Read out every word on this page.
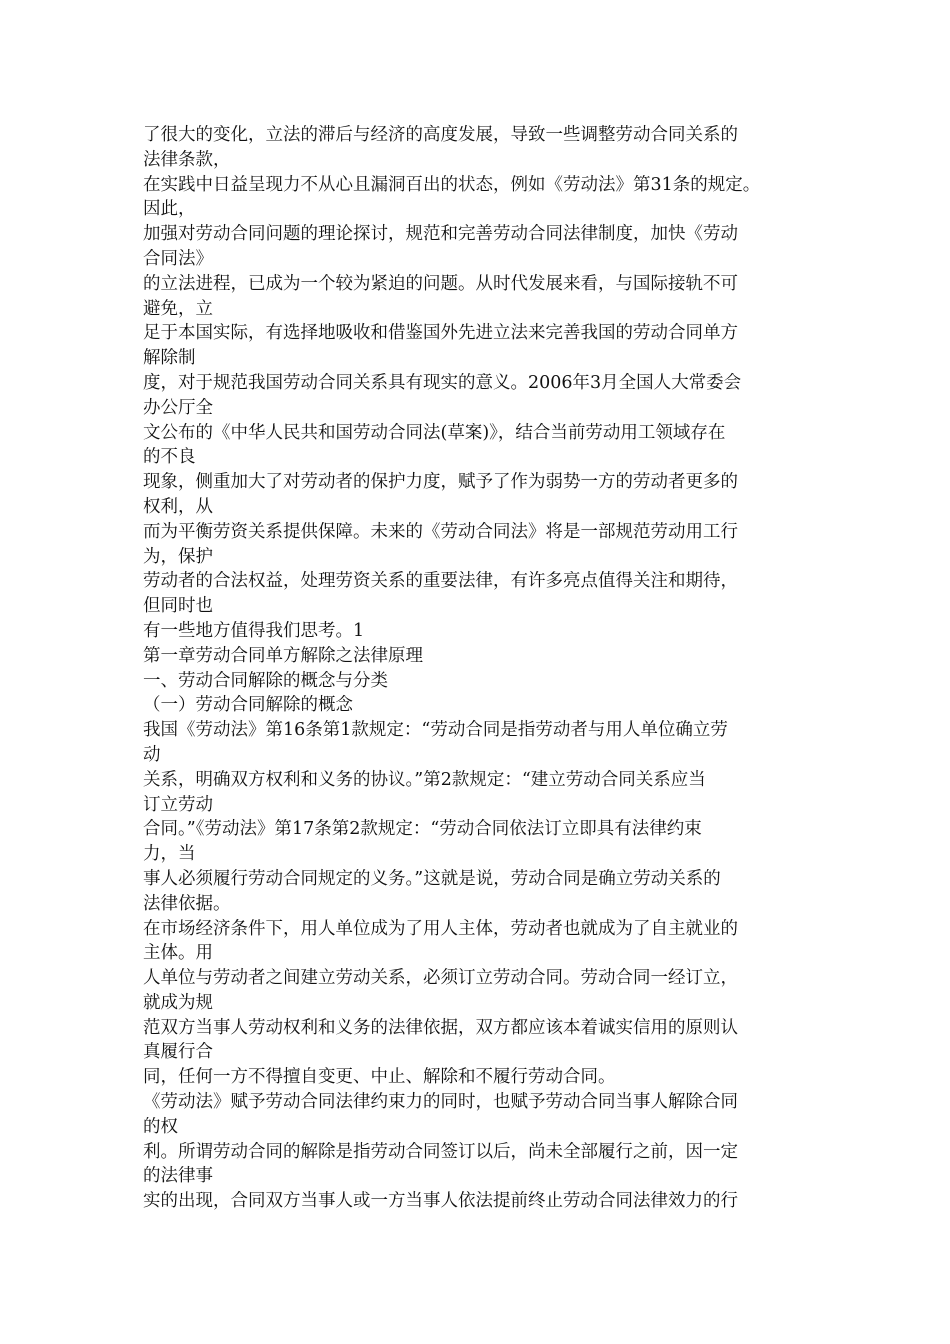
了很大的变化，立法的滞后与经济的高度发展，导致一些调整劳动合同关系的
法律条款，
在实践中日益呈现力不从心且漏洞百出的状态，例如《劳动法》第31条的规定。
因此，
加强对劳动合同问题的理论探讨，规范和完善劳动合同法律制度，加快《劳动
合同法》
的立法进程，已成为一个较为紧迫的问题。从时代发展来看，与国际接轨不可
避免，立
足于本国实际，有选择地吸收和借鉴国外先进立法来完善我国的劳动合同单方
解除制
度，对于规范我国劳动合同关系具有现实的意义。2006年3月全国人大常委会
办公厅全
文公布的《中华人民共和国劳动合同法(草案)》，结合当前劳动用工领域存在
的不良
现象，侧重加大了对劳动者的保护力度，赋予了作为弱势一方的劳动者更多的
权利，从
而为平衡劳资关系提供保障。未来的《劳动合同法》将是一部规范劳动用工行
为，保护
劳动者的合法权益，处理劳资关系的重要法律，有许多亮点值得关注和期待，
但同时也
有一些地方值得我们思考。1
第一章劳动合同单方解除之法律原理
一、劳动合同解除的概念与分类
（一）劳动合同解除的概念
我国《劳动法》第16条第1款规定：“劳动合同是指劳动者与用人单位确立劳
动
关系，明确双方权利和义务的协议。”第2款规定：“建立劳动合同关系应当
订立劳动
合同。”《劳动法》第17条第2款规定：“劳动合同依法订立即具有法律约束
力，当
事人必须履行劳动合同规定的义务。”这就是说，劳动合同是确立劳动关系的
法律依据。
在市场经济条件下，用人单位成为了用人主体，劳动者也就成为了自主就业的
主体。用
人单位与劳动者之间建立劳动关系，必须订立劳动合同。劳动合同一经订立，
就成为规
范双方当事人劳动权利和义务的法律依据，双方都应该本着诚实信用的原则认
真履行合
同，任何一方不得擅自变更、中止、解除和不履行劳动合同。
《劳动法》赋予劳动合同法律约束力的同时，也赋予劳动合同当事人解除合同
的权
利。所谓劳动合同的解除是指劳动合同签订以后，尚未全部履行之前，因一定
的法律事
实的出现，合同双方当事人或一方当事人依法提前终止劳动合同法律效力的行
